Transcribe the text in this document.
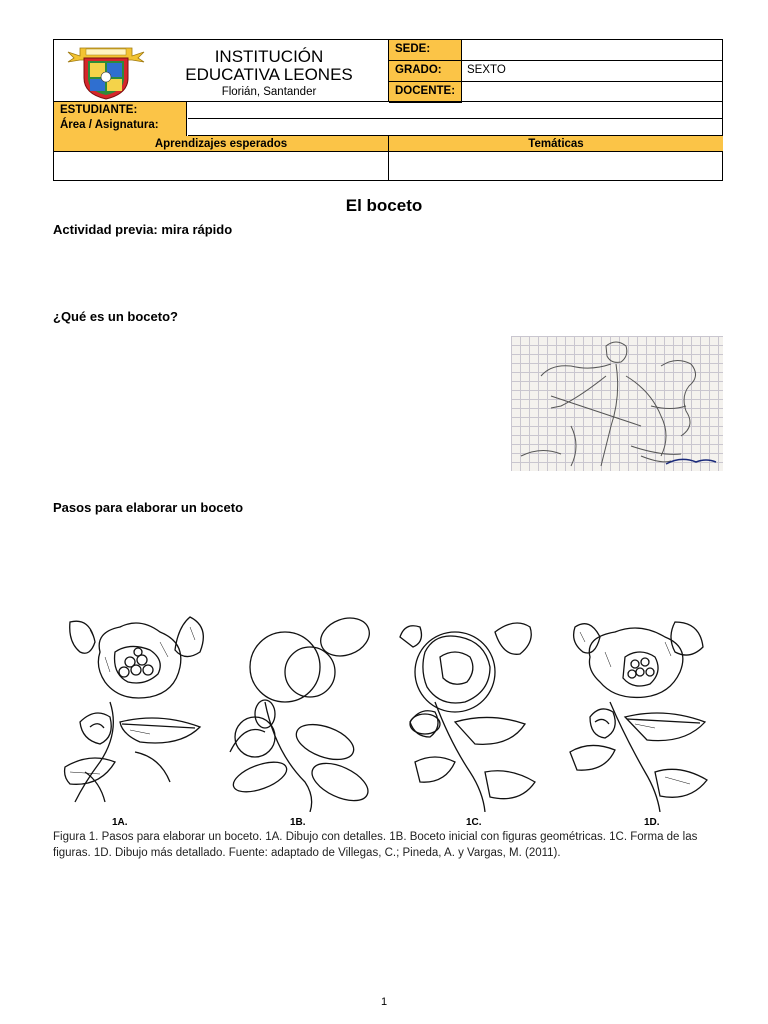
INSTITUCIÓN
EDUCATIVA LEONES
Florián, Santander
SEDE:
GRADO:	SEXTO
DOCENTE:
ESTUDIANTE:
Área / Asignatura:
Aprendizajes esperados	Temáticas
El boceto
Actividad previa: mira rápido
¿Qué es un boceto?
Pasos para elaborar un boceto
1A.	1B.	1C.	1D.
Figura 1. Pasos para elaborar un boceto. 1A. Dibujo con detalles. 1B. Boceto inicial con figuras geométricas. 1C. Forma de las figuras. 1D. Dibujo más detallado. Fuente: adaptado de Villegas, C.; Pineda, A. y Vargas, M. (2011).
1
